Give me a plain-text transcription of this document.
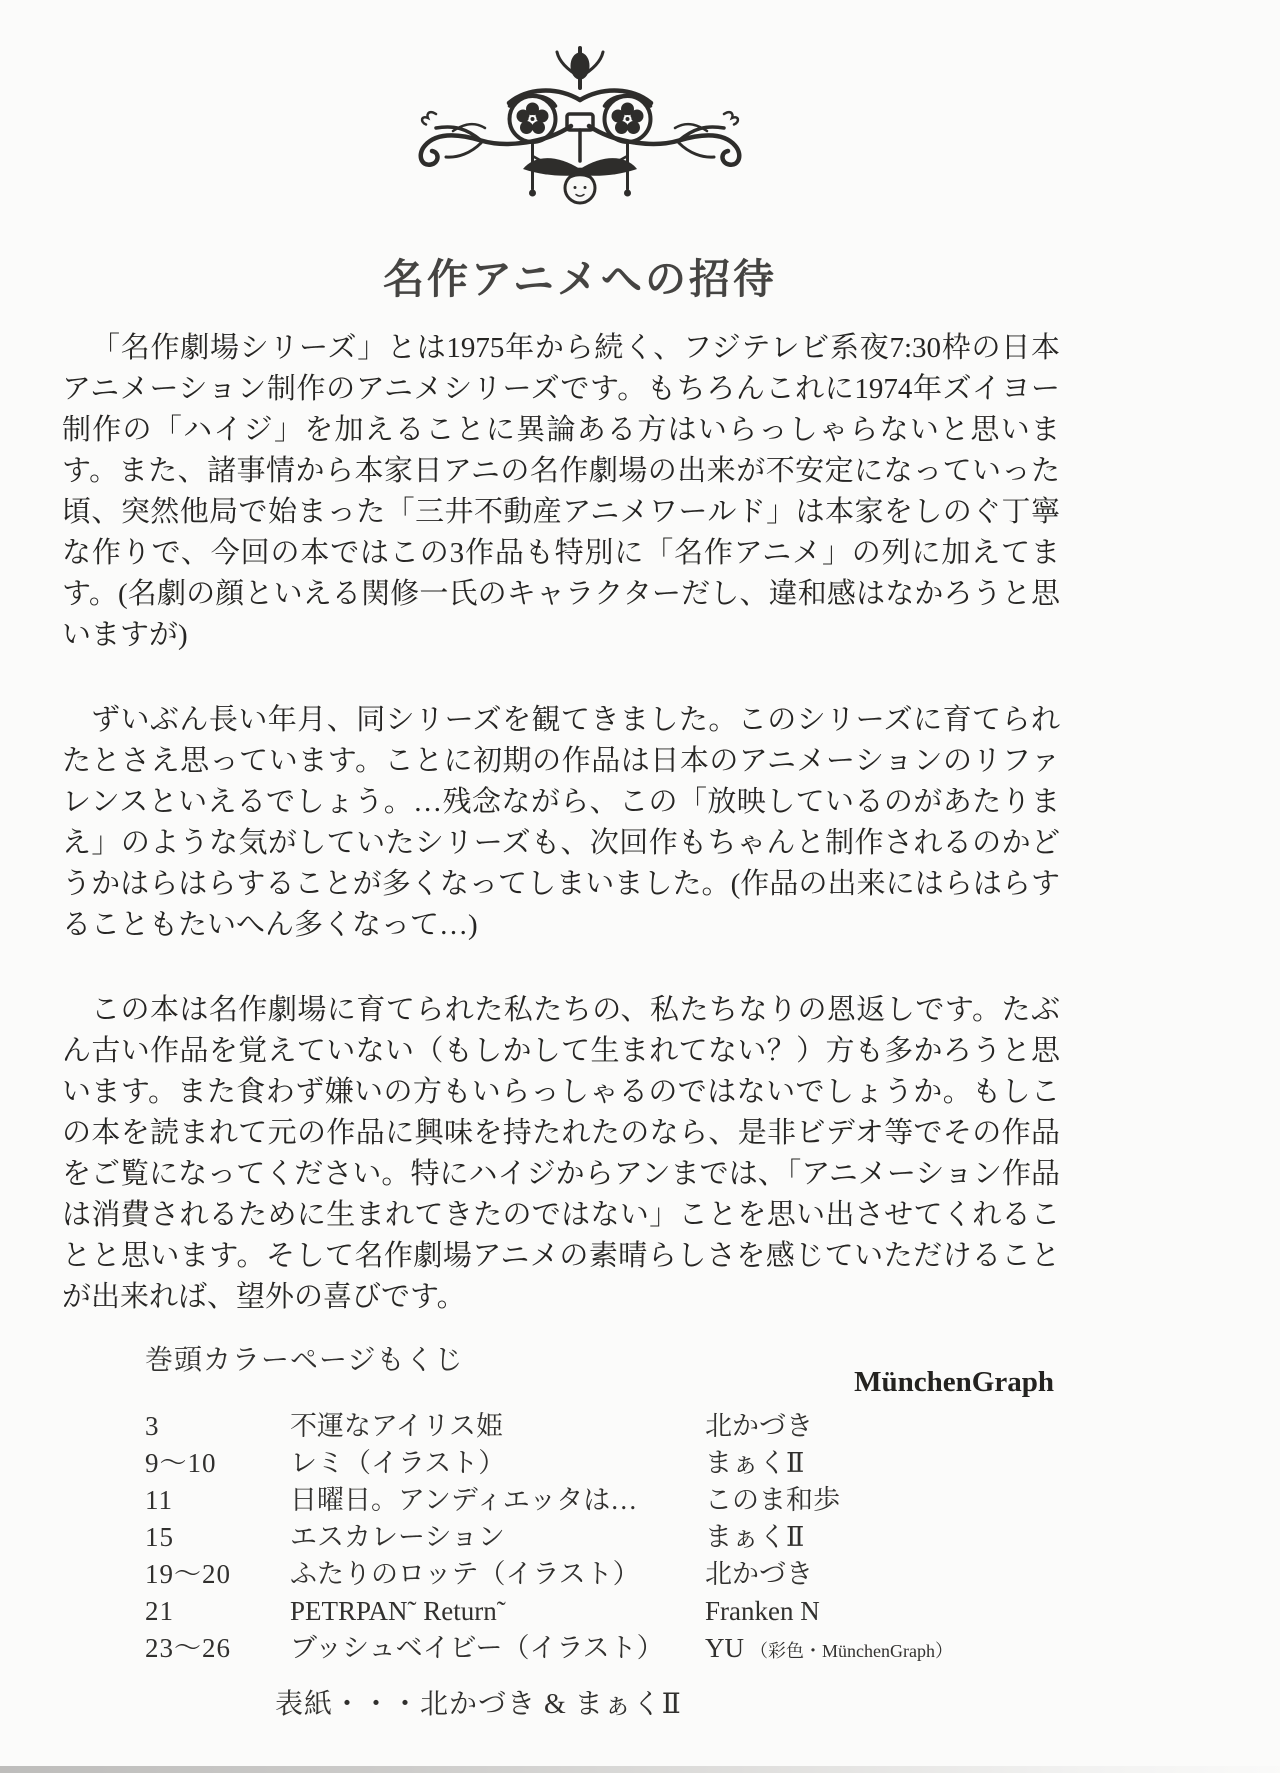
名作アニメへの招待

「名作劇場シリーズ」とは1975年から続く、フジテレビ系夜7:30枠の日本アニメーション制作のアニメシリーズです。もちろんこれに1974年ズイヨー制作の「ハイジ」を加えることに異論ある方はいらっしゃらないと思います。また、諸事情から本家日アニの名作劇場の出来が不安定になっていった頃、突然他局で始まった「三井不動産アニメワールド」は本家をしのぐ丁寧な作りで、今回の本ではこの3作品も特別に「名作アニメ」の列に加えてます。(名劇の顔といえる関修一氏のキャラクターだし、違和感はなかろうと思いますが)

ずいぶん長い年月、同シリーズを観てきました。このシリーズに育てられたとさえ思っています。ことに初期の作品は日本のアニメーションのリファレンスといえるでしょう。…残念ながら、この「放映しているのがあたりまえ」のような気がしていたシリーズも、次回作もちゃんと制作されるのかどうかはらはらすることが多くなってしまいました。(作品の出来にはらはらすることもたいへん多くなって…)

この本は名作劇場に育てられた私たちの、私たちなりの恩返しです。たぶん古い作品を覚えていない（もしかして生まれてない？）方も多かろうと思います。また食わず嫌いの方もいらっしゃるのではないでしょうか。もしこの本を読まれて元の作品に興味を持たれたのなら、是非ビデオ等でその作品をご覧になってください。特にハイジからアンまでは、「アニメーション作品は消費されるために生まれてきたのではない」ことを思い出させてくれることと思います。そして名作劇場アニメの素晴らしさを感じていただけることが出来れば、望外の喜びです。

MünchenGraph
巻頭カラーページもくじ
3	不運なアイリス姫	北かづき
9〜10	レミ（イラスト）	まぁくⅡ
11	日曜日。アンディエッタは…	このま和歩
15	エスカレーション	まぁくⅡ
19〜20	ふたりのロッテ（イラスト）	北かづき
21	PETRPAN˜ Return˜	Franken N
23〜26	ブッシュベイビー（イラスト）	YU （彩色・MünchenGraph）
表紙・・・北かづき & まぁくⅡ
